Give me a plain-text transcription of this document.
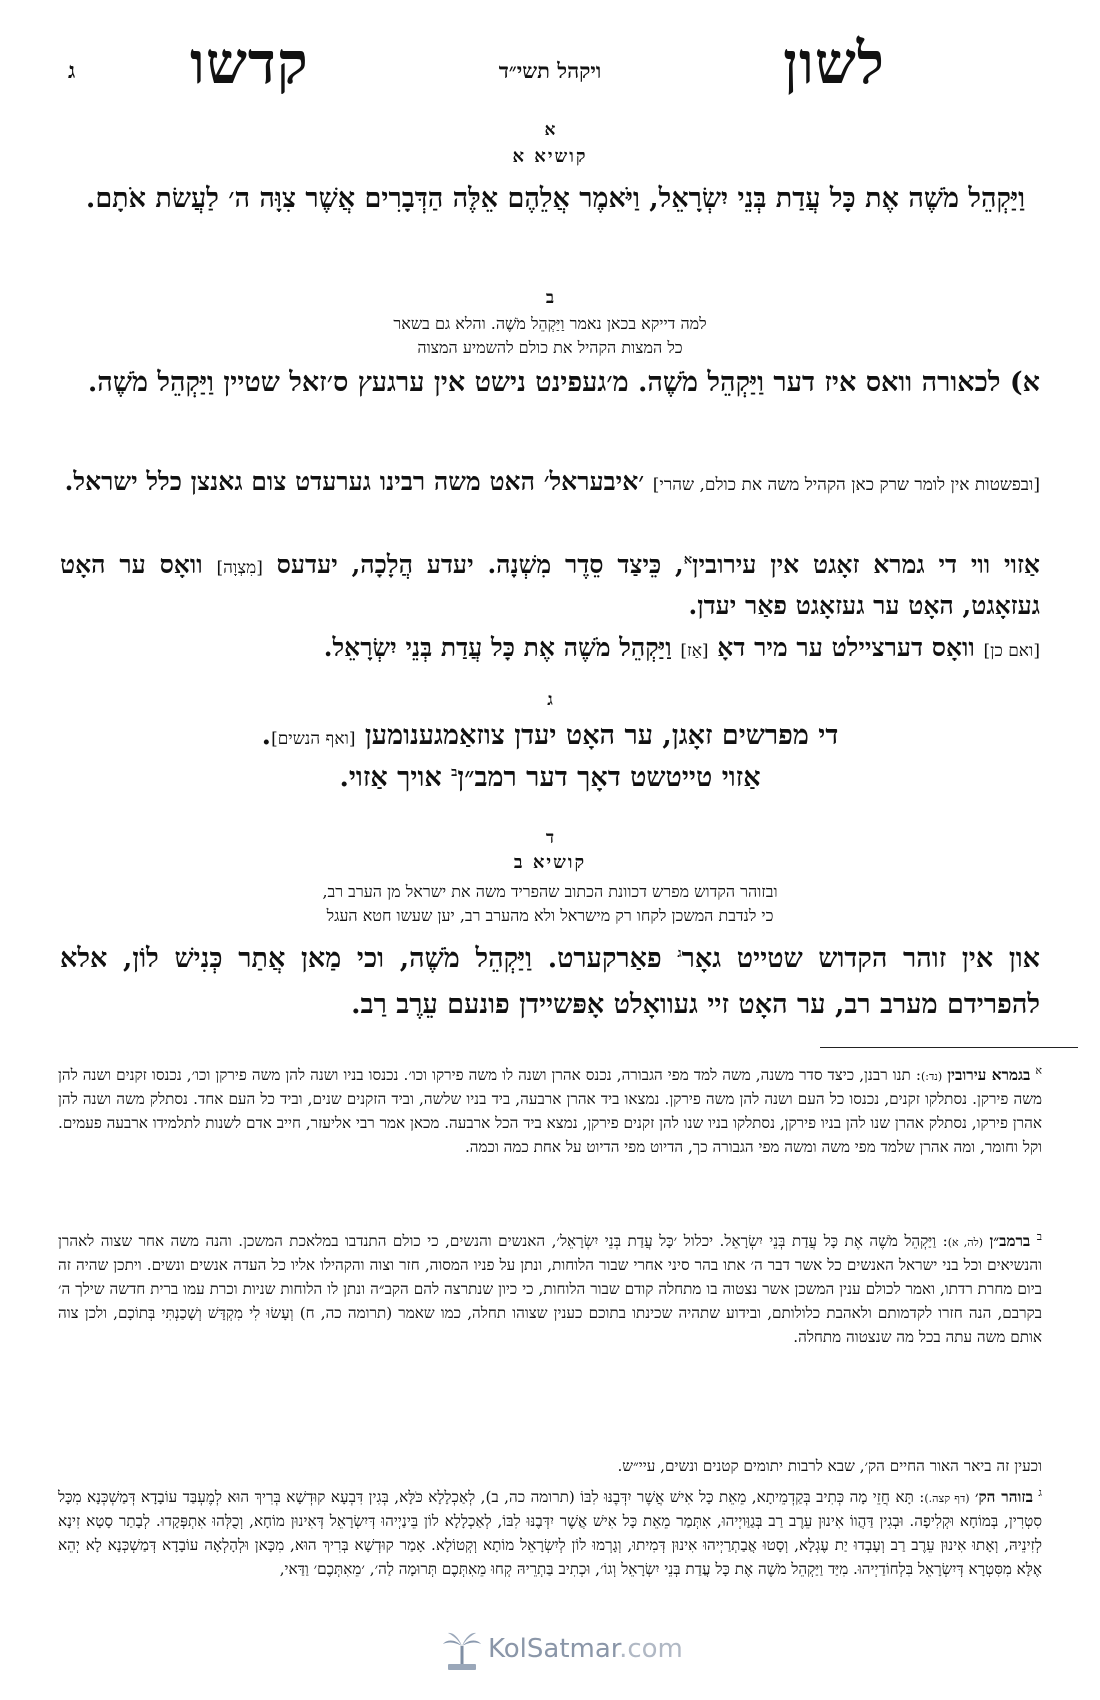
לשון
קדשו	ויקהל תשי״ד
ג
א
קושיא א
וַיַּקְהֵל מֹשֶׁה אֶת כָּל עֲדַת בְּנֵי יִשְׂרָאֵל, וַיֹּאמֶר אֲלֵהֶם אֵלֶּה הַדְּבָרִים אֲשֶׁר צִוָּה ה׳ לַעֲשׂת אֹתָם.
ב
למה דייקא בכאן נאמר וַיַּקְהֵל מֹשֶׁה. והלא גם בשאר
כל המצות הקהיל את כולם להשמיע המצוה
א) לכאורה וואס איז דער וַיַּקְהֵל מֹשֶׁה. מ׳געפינט נישט אין ערגעץ ס׳זאל שטיין וַיַּקְהֵל מֹשֶׁה.
[ובפשטות אין לומר שרק כאן הקהיל משה את כולם, שהרי] ׳איבעראל׳ האט משה רבינו גערעדט צום גאנצן כלל ישראל.
אַזוי ווי די גמרא זאָגט אין עירובין$^א$, כֵּיצַד סֵדֶר מִשְׁנָה. יעדע הֲלָכָה, יעדעס [מִצְוָה] וואָס ער האָט געזאָגט, האָט ער געזאָגט פאַר יעדן.
[ואם כן] וואָס דערציילט ער מיר דאָ [אַז] וַיַּקְהֵל מֹשֶׁה אֶת כָּל עֲדַת בְּנֵי יִשְׂרָאֵל.
ג
די מפרשים זאָגן, ער האָט יעדן צוזאַמגענומען [ואף הנשים].
אַזוי טייטשט דאָך דער רמב״ן$^ב$ אויך אַזוי.
ד
קושיא ב
ובזוהר הקדוש מפרש דכוונת הכתוב שהפריד משה את ישראל מן הערב רב,
כי לנדבת המשכן לקחו רק מישראל ולא מהערב רב, יען שעשו חטא העגל
און אין זוהר הקדוש שטייט גאָר$^ג$ פאַרקערט. וַיַּקְהֵל מֹשֶׁה, וכי מַאן אֲתַר כְּנִישׁ לוֹן, אלא להפרידם מערב רב, ער האָט זיי געוואָלט אָפּשיידן פונעם עֵרֶב רַב.
$^א$ בגמרא עירובין (נד:): תנו רבנן, כיצד סדר משנה, משה למד מפי הגבורה, נכנס אהרן ושנה לו משה פירקו וכו׳. נכנסו בניו ושנה להן משה פירקן וכו׳, נכנסו זקנים ושנה להן משה פירקן. נסתלקו זקנים, נכנסו כל העם ושנה להן משה פירקן. נמצאו ביד אהרן ארבעה, ביד בניו שלשה, וביד הזקנים שנים, וביד כל העם אחד. נסתלק משה ושנה להן אהרן פירקו, נסתלק אהרן שנו להן בניו פירקן, נסתלקו בניו שנו להן זקנים פירקן, נמצא ביד הכל ארבעה. מכאן אמר רבי אליעזר, חייב אדם לשנות לתלמידו ארבעה פעמים. וקל וחומר, ומה אהרן שלמד מפי משה ומשה מפי הגבורה כך, הדיוט מפי הדיוט על אחת כמה וכמה.
$^ב$ ברמב״ן (לה, א): וַיַּקְהֵל מֹשֶׁה אֶת כָּל עֲדַת בְּנֵי יִשְׂרָאֵל. יכלול ׳כָּל עֲדַת בְּנֵי יִשְׂרָאֵל׳, האנשים והנשים, כי כולם התנדבו במלאכת המשכן. והנה משה אחר שצוה לאהרן והנשיאים וכל בני ישראל האנשים כל אשר דבר ה׳ אתו בהר סיני אחרי שבור הלוחות, ונתן על פניו המסוה, חזר וצוה והקהילו אליו כל העדה אנשים ונשים. ויתכן שהיה זה ביום מחרת רדתו, ואמר לכולם ענין המשכן אשר נצטוה בו מתחלה קודם שבור הלוחות, כי כיון שנתרצה להם הקב״ה ונתן לו הלוחות שניות וכרת עמו ברית חדשה שילך ה׳ בקרבם, הנה חזרו לקדמותם ולאהבת כלולותם, ובידוע שתהיה שכינתו בתוכם כענין שצוהו תחלה, כמו שאמר (תרומה כה, ח) וְעָשׂוּ לִי מִקְדָּשׁ וְשָׁכַנְתִּי בְּתוֹכָם, ולכן צוה אותם משה עתה בכל מה שנצטוה מתחלה.
וכעין זה ביאר האור החיים הק׳, שבא לרבות יתומים קטנים ונשים, עיי״ש.
$^ג$ בזוהר הק׳ (דף קצה.): תָּא חֲזֵי מָה כְּתִיב בְּקַדְמֵיתָא, מֵאֵת כָּל אִישׁ אֲשֶׁר יִדְּבֶנּוּ לִבּוֹ (תרומה כה, ב), לְאַכְלָלָא כֹּלָּא, בְּגִין דִּבְעָא קוּדְשָׁא בְּרִיךְ הוּא לְמֶעְבַּד עוֹבָדָא דְּמַשְׁכְּנָא מִכָּל סִטְרִין, בְּמוֹחָא וּקְלִיפָה. וּבְגִין דַּהֲווֹ אִינוּן עֵרֶב רַב בְּגַוַּויְיהוּ, אִתְּמַר מֵאֵת כָּל אִישׁ אֲשֶׁר יִדְּבֶנּוּ לִבּוֹ, לְאַכְלָלָא לוֹן בֵּינַיְיהוּ דְּיִשְׂרָאֵל דְּאִינוּן מוֹחָא, וְכֻלְּהוּ אִתְפְּקָדוּ. לְבָתַר סָטָא זִינָא לְזִינֵיהּ, וְאָתוּ אִינוּן עֵרֶב רַב וְעָבְדוּ יַת עֶגְלָא, וְסָטוּ אֲבַתְרַיְיהוּ אִינוּן דְּמִיתוּ, וְגָרְמוּ לוֹן לְיִשְׂרָאֵל מוֹתָא וְקְטוֹלָא. אָמַר קוּדְשָׁא בְּרִיךְ הוּא, מִכָּאן וּלְהָלְאָה עוֹבָדָא דְּמַשְׁכְּנָא לָא יְהֵא אֶלָּא מִסִּטְרָא דְּיִשְׂרָאֵל בִּלְחוֹדַיְיהוּ. מִיַּד וַיַּקְהֵל מֹשֶׁה אֶת כָּל עֲדַת בְּנֵי יִשְׂרָאֵל וְגוֹ׳, וּכְתִיב בַּתְרֵיהּ קְחוּ מֵאִתְּכֶם תְּרוּמָה לַה׳, ׳מֵאִתְּכֶם׳ וַדַּאי,
KolSatmar.com
